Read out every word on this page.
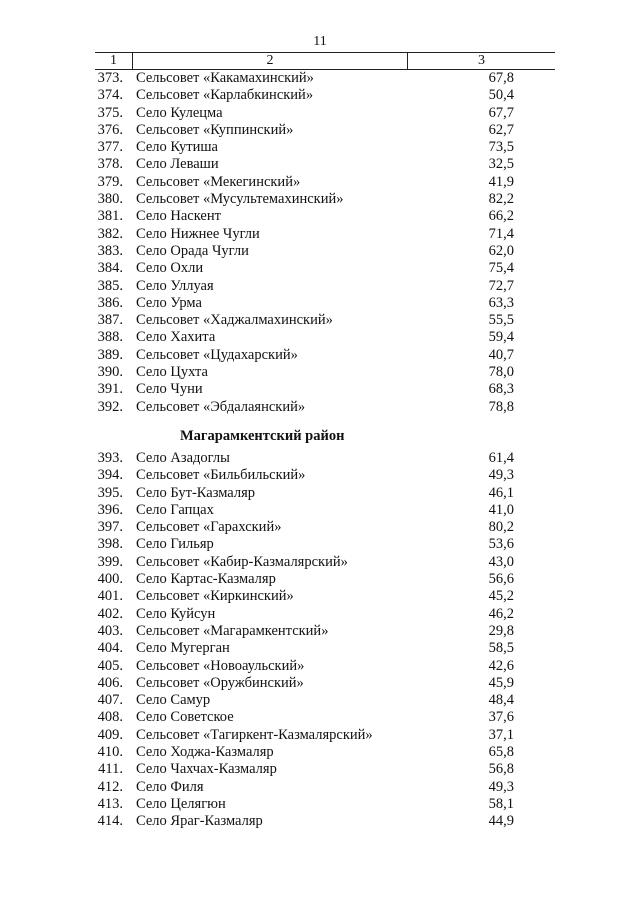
11
1	2	3
373. Сельсовет «Какамахинский»	67,8
374. Сельсовет «Карлабкинский»	50,4
375. Село Кулецма	67,7
376. Сельсовет «Куппинский»	62,7
377. Село Кутиша	73,5
378. Село Леваши	32,5
379. Сельсовет «Мекегинский»	41,9
380. Сельсовет «Мусультемахинский»	82,2
381. Село Наскент	66,2
382. Село Нижнее Чугли	71,4
383. Село Орада Чугли	62,0
384. Село Охли	75,4
385. Село Уллуая	72,7
386. Село Урма	63,3
387. Сельсовет «Хаджалмахинский»	55,5
388. Село Хахита	59,4
389. Сельсовет «Цудахарский»	40,7
390. Село Цухта	78,0
391. Село Чуни	68,3
392. Сельсовет «Эбдалаянский»	78,8
Магарамкентский район
393. Село Азадоглы	61,4
394. Сельсовет «Бильбильский»	49,3
395. Село Бут-Казмаляр	46,1
396. Село Гапцах	41,0
397. Сельсовет «Гарахский»	80,2
398. Село Гильяр	53,6
399. Сельсовет «Кабир-Казмалярский»	43,0
400. Село Картас-Казмаляр	56,6
401. Сельсовет «Киркинский»	45,2
402. Село Куйсун	46,2
403. Сельсовет «Магарамкентский»	29,8
404. Село Мугерган	58,5
405. Сельсовет «Новоаульский»	42,6
406. Сельсовет «Оружбинский»	45,9
407. Село Самур	48,4
408. Село Советское	37,6
409. Сельсовет «Тагиркент-Казмалярский»	37,1
410. Село Ходжа-Казмаляр	65,8
411. Село Чахчах-Казмаляр	56,8
412. Село Филя	49,3
413. Село Целягюн	58,1
414. Село Яраг-Казмаляр	44,9
